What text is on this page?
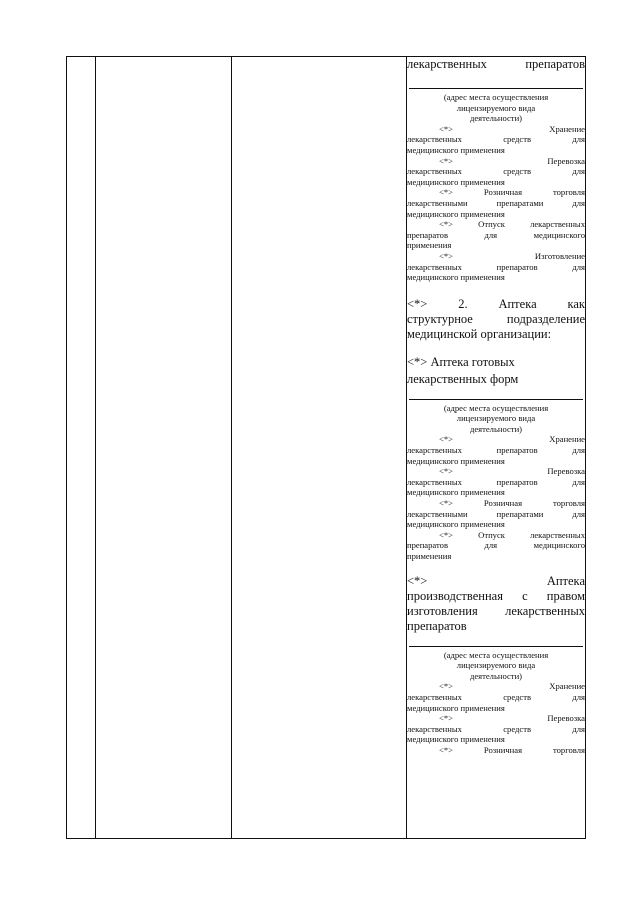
лекарственных препаратов

(адрес места осуществления
лицензируемого вида
деятельности)
<*>	Хранение
лекарственных средств для
медицинского применения
<*>	Перевозка
лекарственных средств для
медицинского применения
<*>	Розничная торговля
лекарственными препаратами для
медицинского применения
<*>	Отпуск лекарственных
препаратов для медицинского
применения
<*>	Изготовление
лекарственных препаратов для
медицинского применения

<*> 2. Аптека как

структурное подразделение

медицинской организации:

<*> Аптека готовых

лекарственных форм

(адрес места осуществления
лицензируемого вида
деятельности)
<*>	Хранение
лекарственных препаратов для
медицинского применения
<*>	Перевозка
лекарственных препаратов для
медицинского применения
<*>	Розничная торговля
лекарственными препаратами для
медицинского применения
<*>	Отпуск лекарственных
препаратов для медицинского
применения

<*> Аптека

производственная с правом

изготовления лекарственных

препаратов

(адрес места осуществления
лицензируемого вида
деятельности)
<*>	Хранение
лекарственных средств для
медицинского применения
<*>	Перевозка
лекарственных средств для
медицинского применения
<*>	Розничная торговля
